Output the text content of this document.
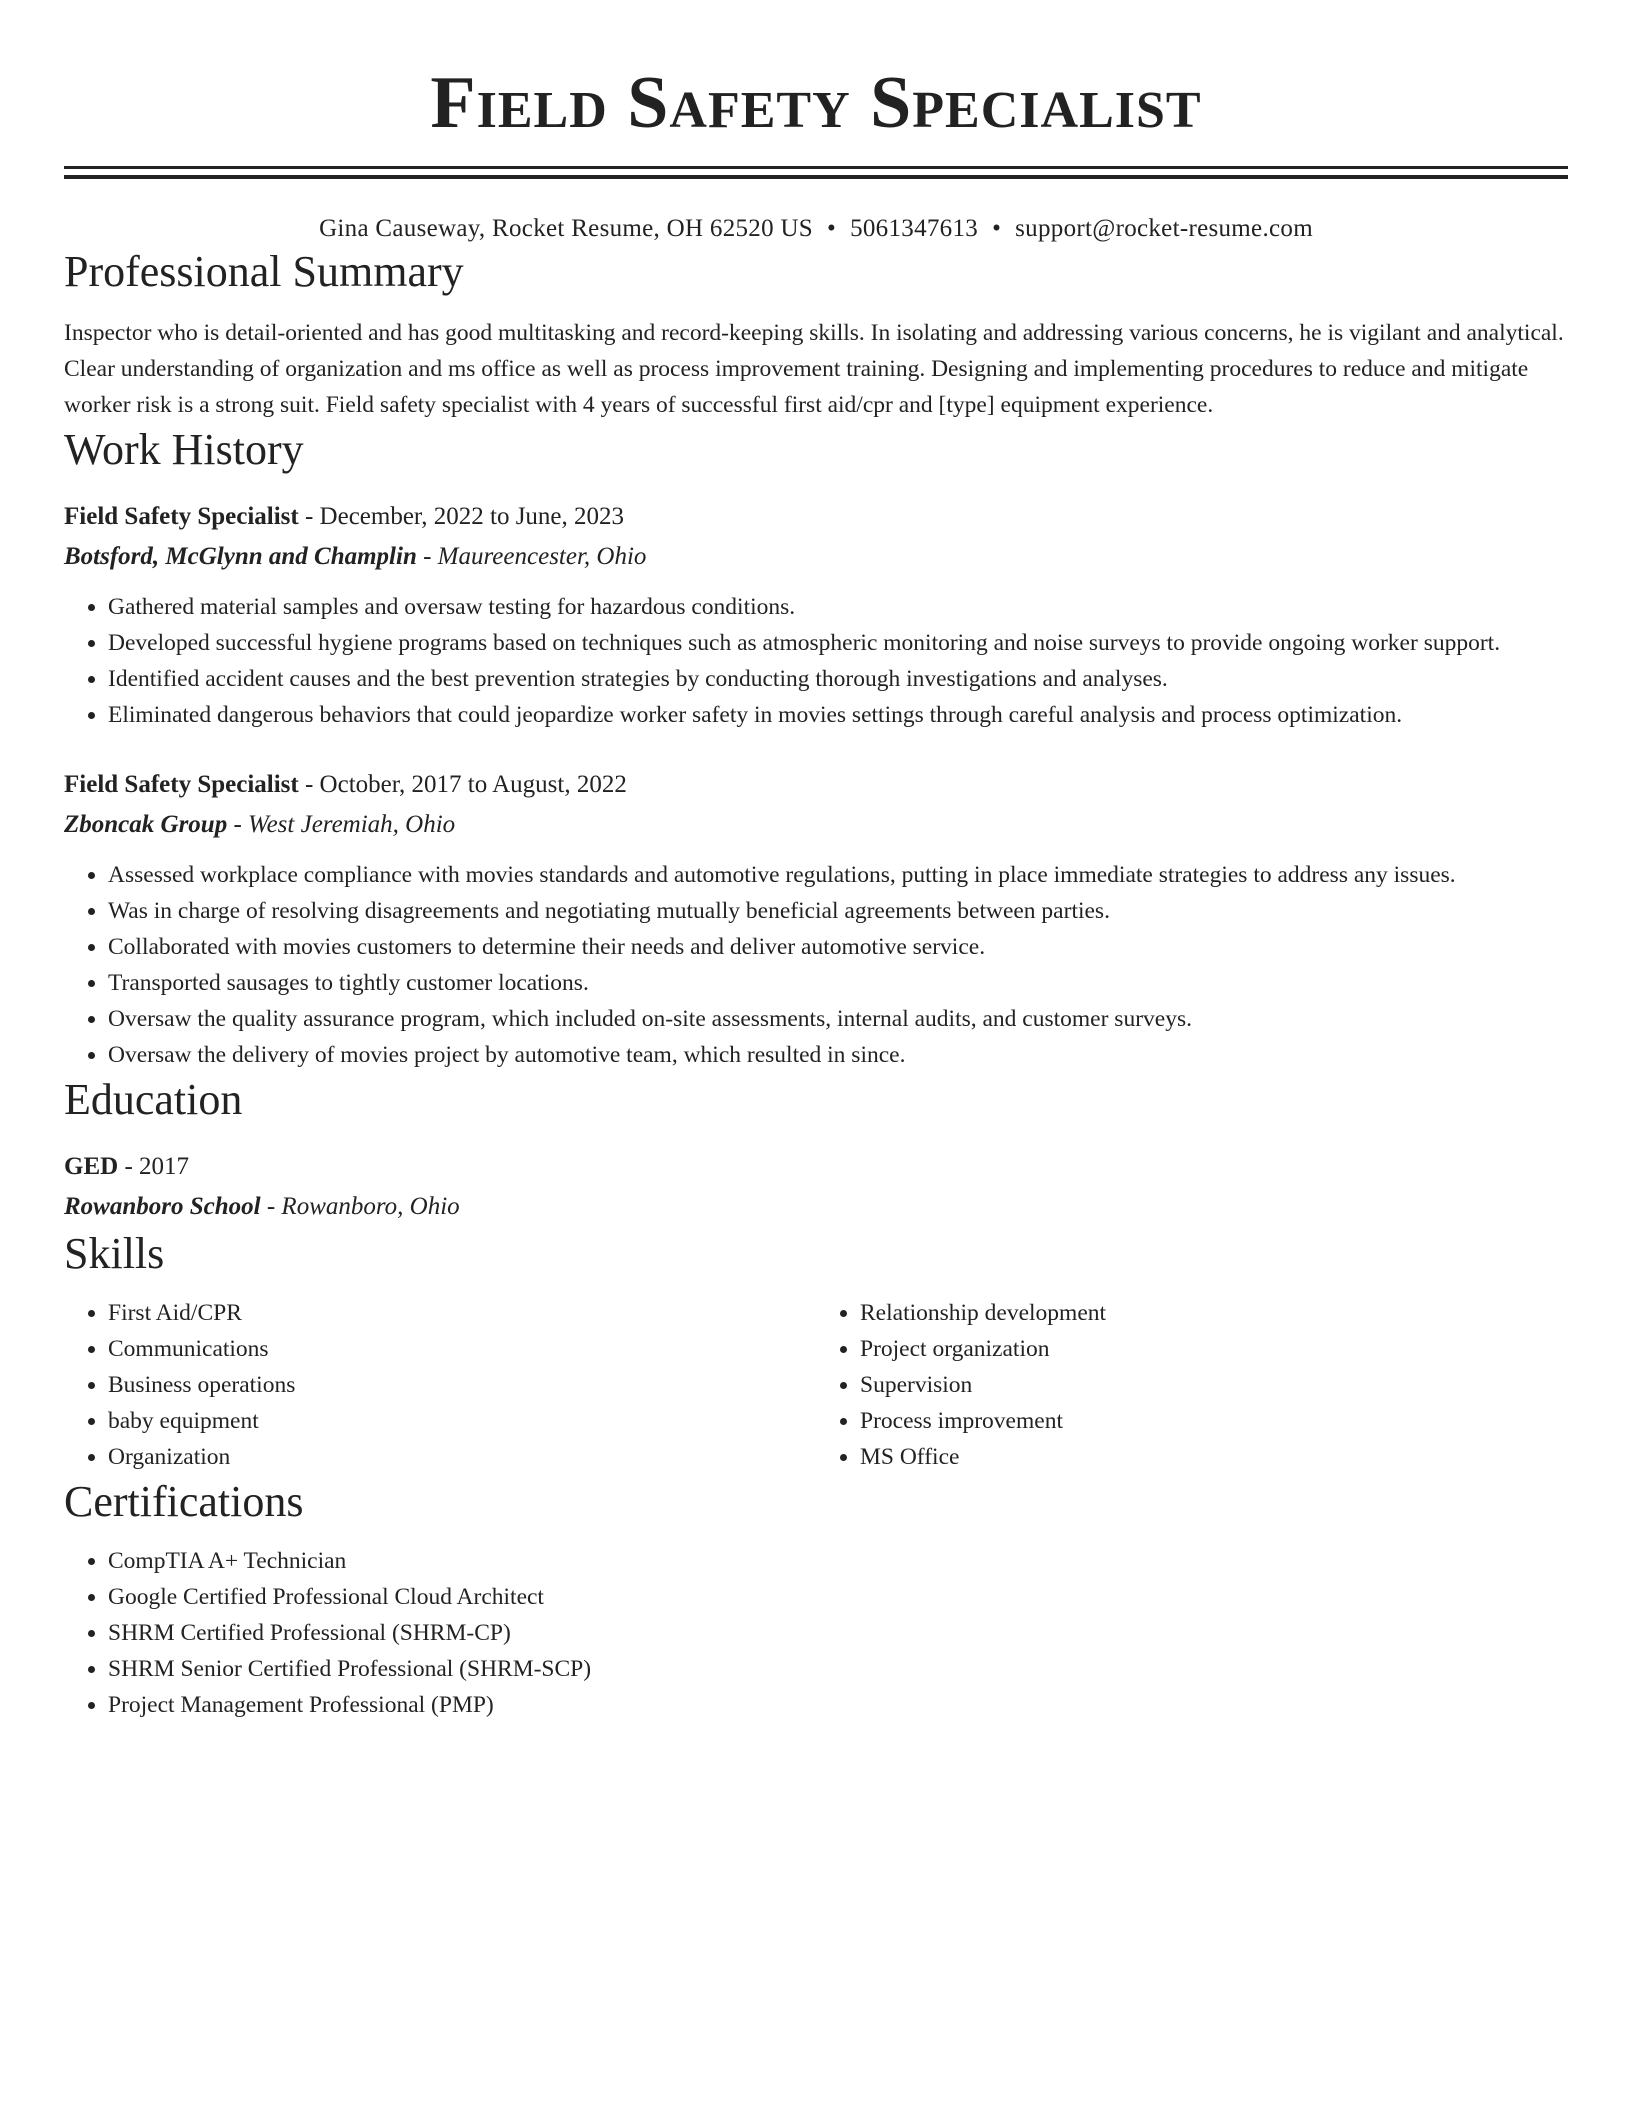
Field Safety Specialist
Gina Causeway, Rocket Resume, OH 62520 US • 5061347613 • support@rocket-resume.com
Professional Summary

Inspector who is detail-oriented and has good multitasking and record-keeping skills. In isolating and addressing various concerns, he is vigilant and analytical. Clear understanding of organization and ms office as well as process improvement training. Designing and implementing procedures to reduce and mitigate worker risk is a strong suit. Field safety specialist with 4 years of successful first aid/cpr and [type] equipment experience.

Work History
Field Safety Specialist - December, 2022 to June, 2023
Botsford, McGlynn and Champlin - Maureencester, Ohio
• Gathered material samples and oversaw testing for hazardous conditions.
• Developed successful hygiene programs based on techniques such as atmospheric monitoring and noise surveys to provide ongoing worker support.
• Identified accident causes and the best prevention strategies by conducting thorough investigations and analyses.
• Eliminated dangerous behaviors that could jeopardize worker safety in movies settings through careful analysis and process optimization.
Field Safety Specialist - October, 2017 to August, 2022
Zboncak Group - West Jeremiah, Ohio
• Assessed workplace compliance with movies standards and automotive regulations, putting in place immediate strategies to address any issues.
• Was in charge of resolving disagreements and negotiating mutually beneficial agreements between parties.
• Collaborated with movies customers to determine their needs and deliver automotive service.
• Transported sausages to tightly customer locations.
• Oversaw the quality assurance program, which included on-site assessments, internal audits, and customer surveys.
• Oversaw the delivery of movies project by automotive team, which resulted in since.
Education
GED - 2017
Rowanboro School - Rowanboro, Ohio
Skills
• First Aid/CPR
• Communications
• Business operations
• baby equipment
• Organization
• Relationship development
• Project organization
• Supervision
• Process improvement
• MS Office
Certifications
• CompTIA A+ Technician
• Google Certified Professional Cloud Architect
• SHRM Certified Professional (SHRM-CP)
• SHRM Senior Certified Professional (SHRM-SCP)
• Project Management Professional (PMP)
